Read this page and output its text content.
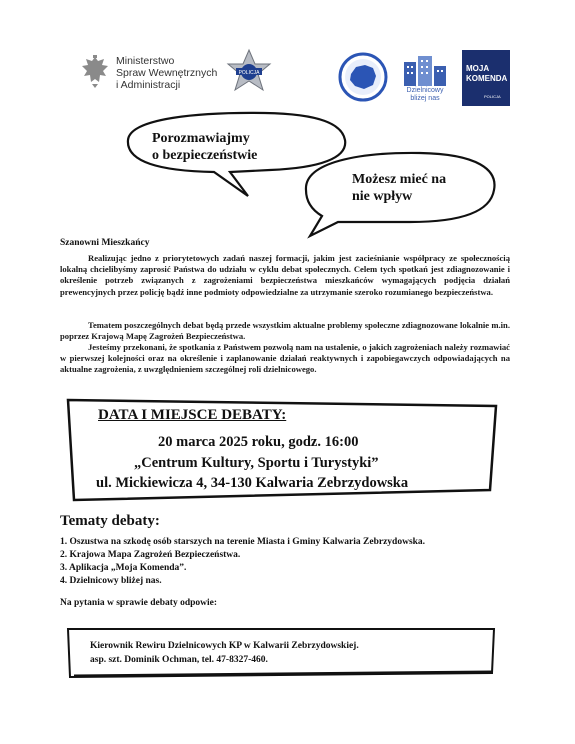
Ministerstwo
Spraw Wewnętrznych
i Administracji
POLICJA
Dzielnicowy
bliżej nas
MOJA
KOMENDA
POLICJA
Porozmawiajmy
o bezpieczeństwie
Możesz mieć na
nie wpływ
Szanowni Mieszkańcy
Realizując jedno z priorytetowych zadań naszej formacji, jakim jest zacieśnianie współpracy ze społecznością lokalną chcielibyśmy zaprosić Państwa do udziału w cyklu debat społecznych. Celem tych spotkań jest zdiagnozowanie i określenie potrzeb związanych z zagrożeniami bezpieczeństwa mieszkańców wymagających podjęcia działań prewencyjnych przez policję bądź inne podmioty odpowiedzialne za utrzymanie szeroko rozumianego bezpieczeństwa.
Tematem poszczególnych debat będą przede wszystkim aktualne problemy społeczne zdiagnozowane lokalnie m.in. poprzez Krajową Mapę Zagrożeń Bezpieczeństwa.
Jesteśmy przekonani, że spotkania z Państwem pozwolą nam na ustalenie, o jakich zagrożeniach należy rozmawiać w pierwszej kolejności oraz na określenie i zaplanowanie działań reaktywnych i zapobiegawczych odpowiadających na aktualne zagrożenia, z uwzględnieniem szczególnej roli dzielnicowego.
DATA I MIEJSCE DEBATY:
20 marca 2025 roku, godz. 16:00
„Centrum Kultury, Sportu i Turystyki”
ul. Mickiewicza 4, 34-130 Kalwaria Zebrzydowska
Tematy debaty:
1. Oszustwa na szkodę osób starszych na terenie Miasta i Gminy Kalwaria Zebrzydowska.
2. Krajowa Mapa Zagrożeń Bezpieczeństwa.
3. Aplikacja „Moja Komenda”.
4. Dzielnicowy bliżej nas.
Na pytania w sprawie debaty odpowie:
Kierownik Rewiru Dzielnicowych KP w Kalwarii Zebrzydowskiej.
asp. szt. Dominik Ochman, tel. 47-8327-460.
